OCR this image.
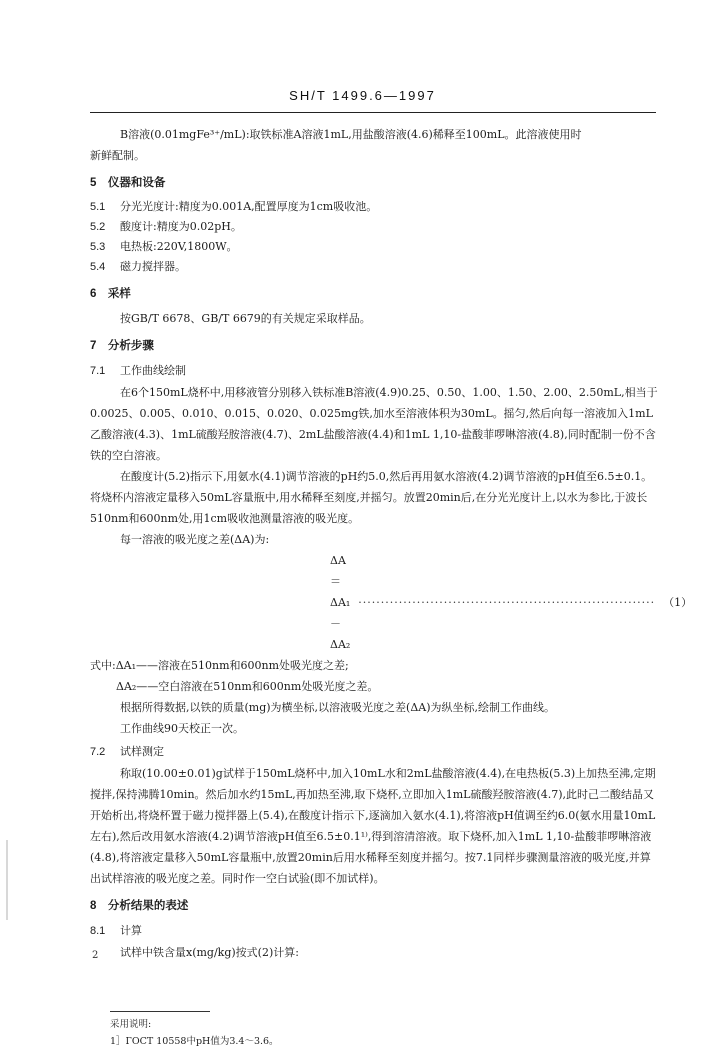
SH/T 1499.6—1997

B溶液(0.01mgFe³⁺/mL):取铁标准A溶液1mL,用盐酸溶液(4.6)稀释至100mL。此溶液使用时

新鲜配制。

5　仪器和设备
5.1 分光光度计:精度为0.001A,配置厚度为1cm吸收池。
5.2 酸度计:精度为0.02pH。
5.3 电热板:220V,1800W。
5.4 磁力搅拌器。
6　采样

按GB/T 6678、GB/T 6679的有关规定采取样品。

7　分析步骤
7.1 工作曲线绘制

在6个150mL烧杯中,用移液管分别移入铁标准B溶液(4.9)0.25、0.50、1.00、1.50、2.00、2.50mL,相当于0.0025、0.005、0.010、0.015、0.020、0.025mg铁,加水至溶液体积为30mL。摇匀,然后向每一溶液加入1mL乙酸溶液(4.3)、1mL硫酸羟胺溶液(4.7)、2mL盐酸溶液(4.4)和1mL 1,10-盐酸菲啰啉溶液(4.8),同时配制一份不含铁的空白溶液。

在酸度计(5.2)指示下,用氨水(4.1)调节溶液的pH约5.0,然后再用氨水溶液(4.2)调节溶液的pH值至6.5±0.1。将烧杯内溶液定量移入50mL容量瓶中,用水稀释至刻度,并摇匀。放置20min后,在分光光度计上,以水为参比,于波长510nm和600nm处,用1cm吸收池测量溶液的吸光度。

每一溶液的吸光度之差(ΔA)为:

ΔA＝ΔA₁－ΔA₂
·································································· （1）
式中:ΔA₁——溶液在510nm和600nm处吸光度之差;
ΔA₂——空白溶液在510nm和600nm处吸光度之差。

根据所得数据,以铁的质量(mg)为横坐标,以溶液吸光度之差(ΔA)为纵坐标,绘制工作曲线。

工作曲线90天校正一次。

7.2 试样测定

称取(10.00±0.01)g试样于150mL烧杯中,加入10mL水和2mL盐酸溶液(4.4),在电热板(5.3)上加热至沸,定期搅拌,保持沸腾10min。然后加水约15mL,再加热至沸,取下烧杯,立即加入1mL硫酸羟胺溶液(4.7),此时己二酸结晶又开始析出,将烧杯置于磁力搅拌器上(5.4),在酸度计指示下,逐滴加入氨水(4.1),将溶液pH值调至约6.0(氨水用量10mL左右),然后改用氨水溶液(4.2)调节溶液pH值至6.5±0.1¹⁾,得到溶清溶液。取下烧杯,加入1mL 1,10-盐酸菲啰啉溶液(4.8),将溶液定量移入50mL容量瓶中,放置20min后用水稀释至刻度并摇匀。按7.1同样步骤测量溶液的吸光度,并算出试样溶液的吸光度之差。同时作一空白试验(即不加试样)。

8　分析结果的表述
8.1 计算

试样中铁含量x(mg/kg)按式(2)计算:

采用说明:
1］ГОСТ 10558中pH值为3.4～3.6。
2
